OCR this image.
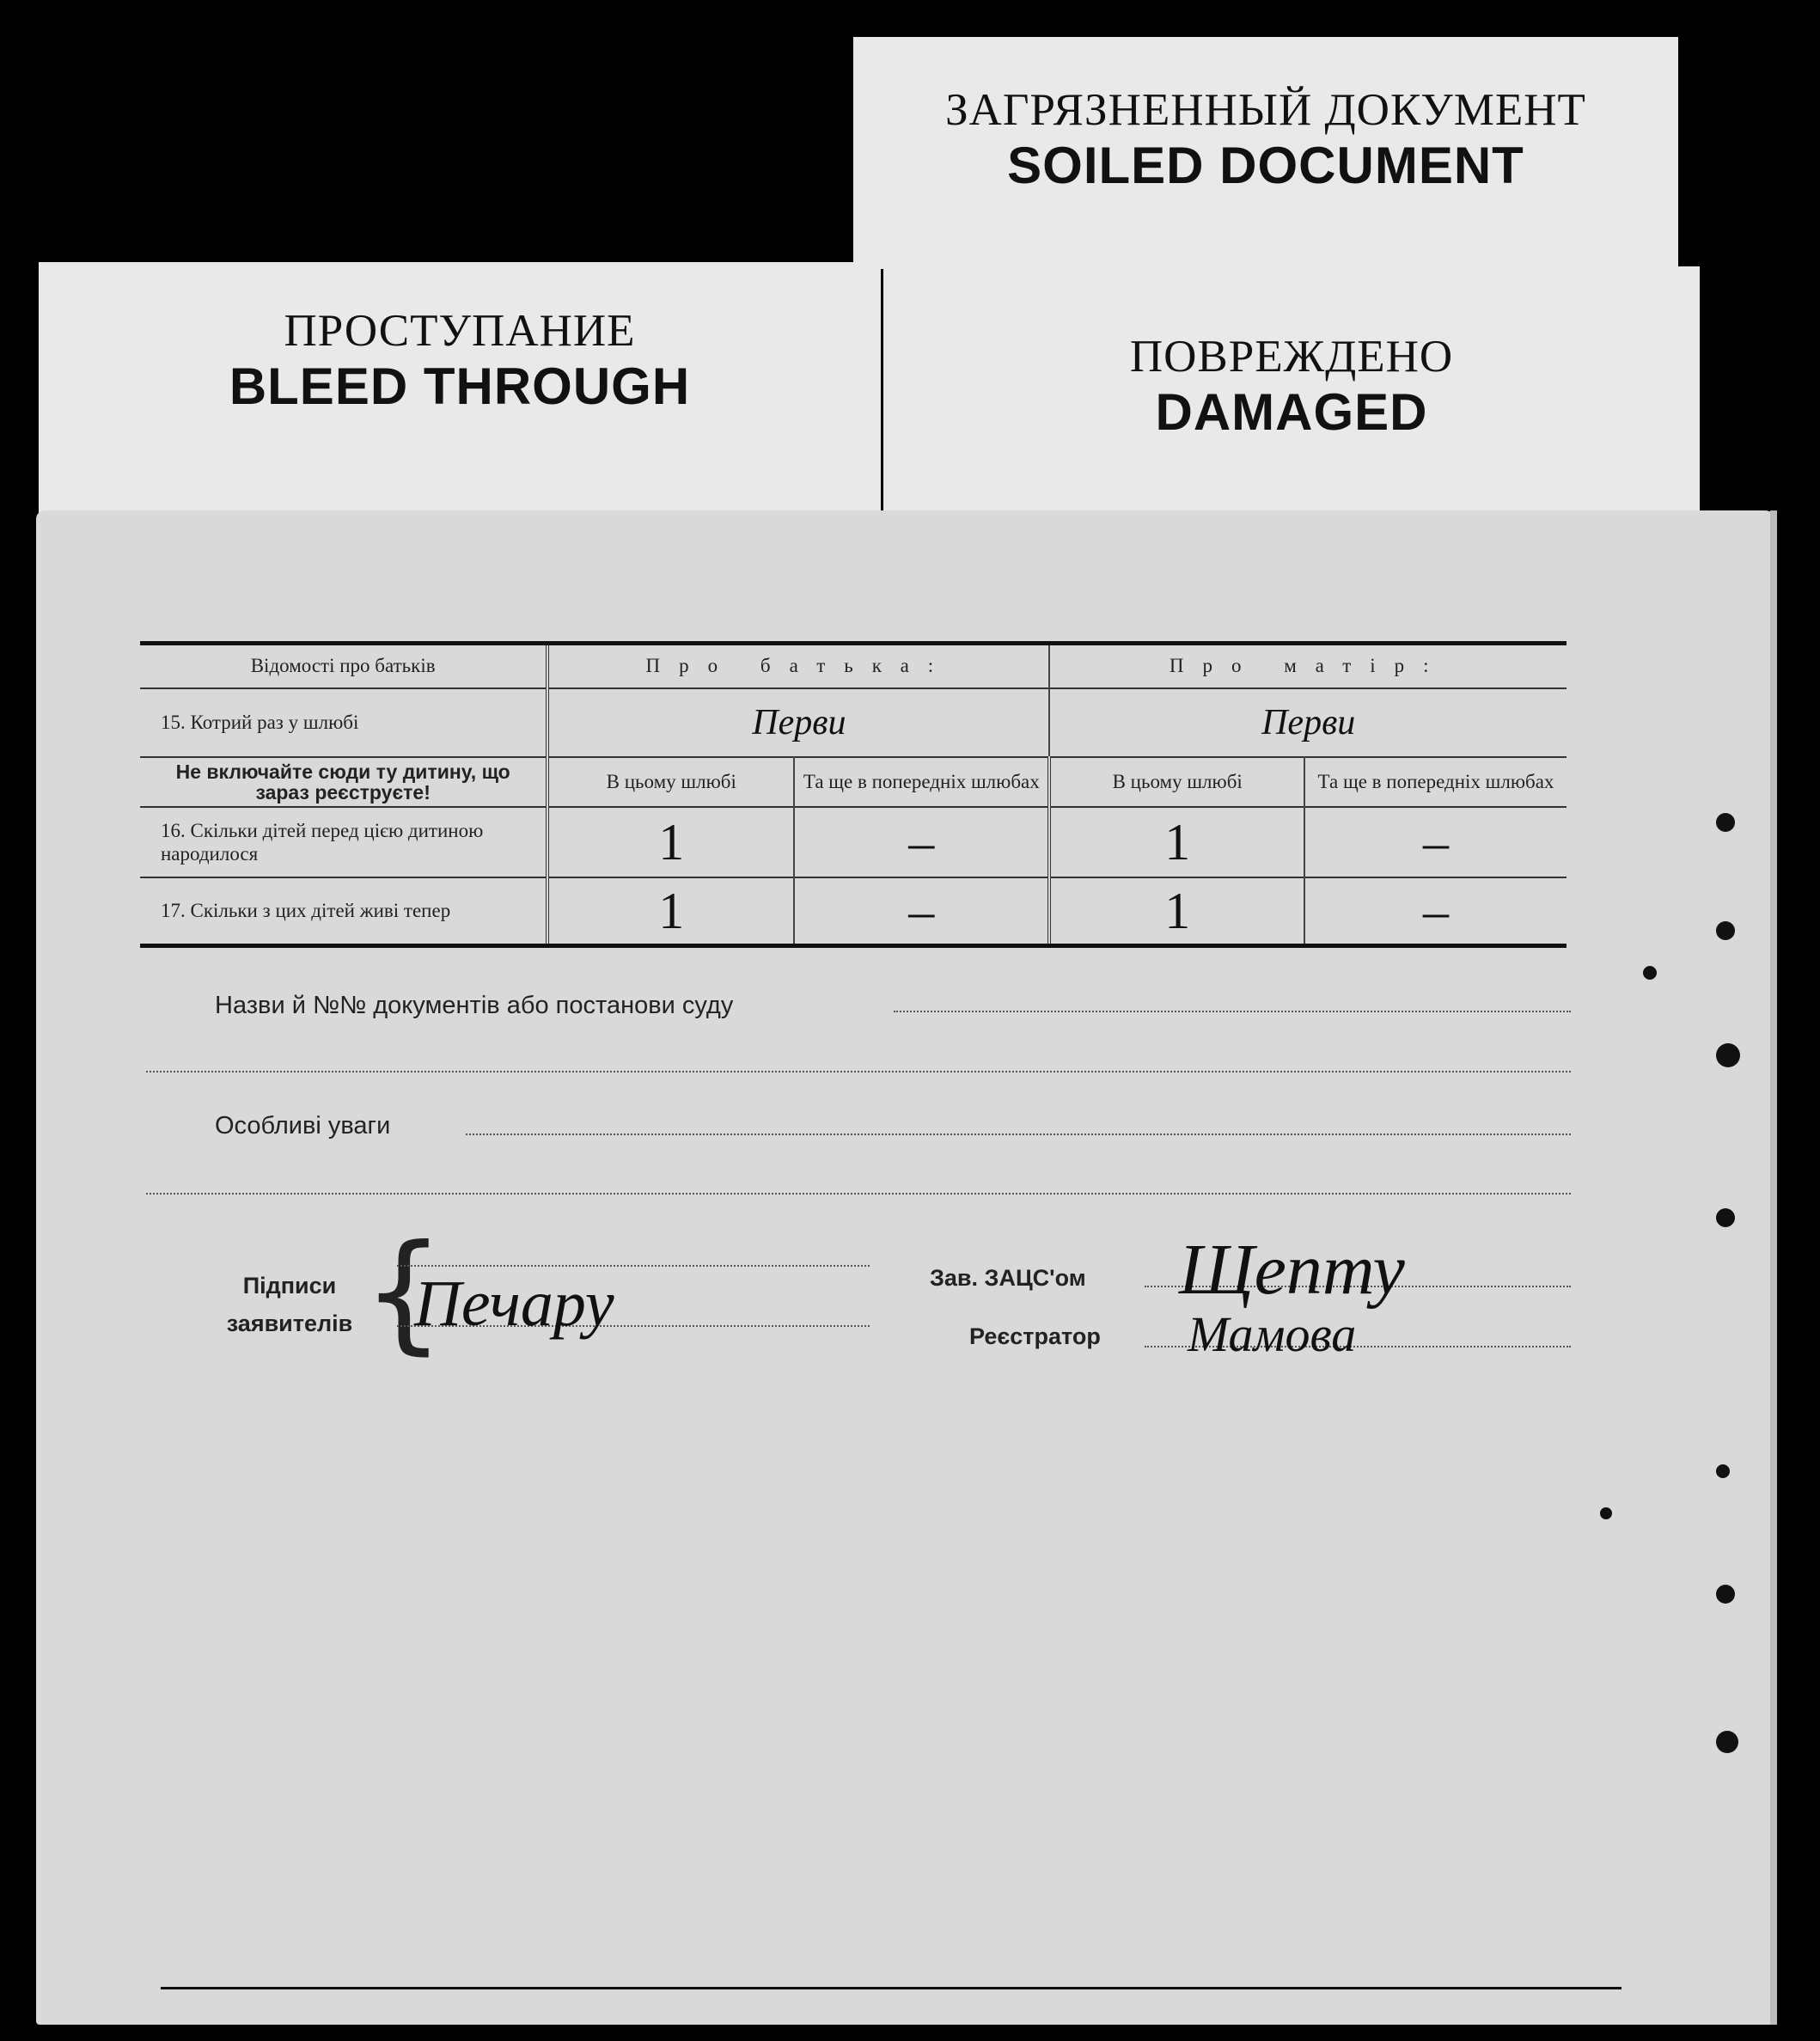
ЗАГРЯЗНЕННЫЙ ДОКУМЕНТ
SOILED DOCUMENT
ПРОСТУПАНИЕ
BLEED THROUGH
ПОВРЕЖДЕНО
DAMAGED
Відомості про батьків	Про батька:		Про матір:	
15. Котрий раз у шлюбі	Перви		Перви	
Не включайте сюди ту дитину, що зараз реєструєте!	В цьому шлюбі	Та ще в попередніх шлюбах	В цьому шлюбі	Та ще в попередніх шлюбах
16. Скільки дітей перед цією дитиною народилося	1	–	1	–
17. Скільки з цих дітей живі тепер	1	–	1	–
Назви й №№ документів або постанови суду
Особливі уваги
Підписи заявителів {
Печару	Зав. ЗАЦС'ом Щепту
Реєстратор Мамова
